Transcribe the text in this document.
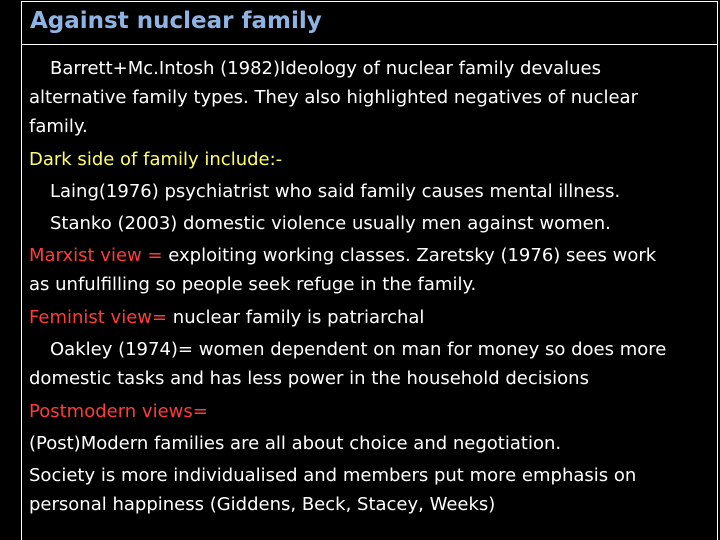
Against nuclear family
Barrett+Mc.Intosh (1982)Ideology of nuclear family devalues
alternative family types. They also highlighted negatives of nuclear
family.
Dark side of family include:-
Laing(1976) psychiatrist who said family causes mental illness.
Stanko (2003) domestic violence usually men against women.
Marxist view = exploiting working classes. Zaretsky (1976) sees work
as unfulfilling so people seek refuge in the family.
Feminist view= nuclear family is patriarchal
Oakley (1974)= women dependent on man for money so does more
domestic tasks and has less power in the household decisions
Postmodern views=
(Post)Modern families are all about choice and negotiation.
Society is more individualised and members put more emphasis on
personal happiness (Giddens, Beck, Stacey, Weeks)
